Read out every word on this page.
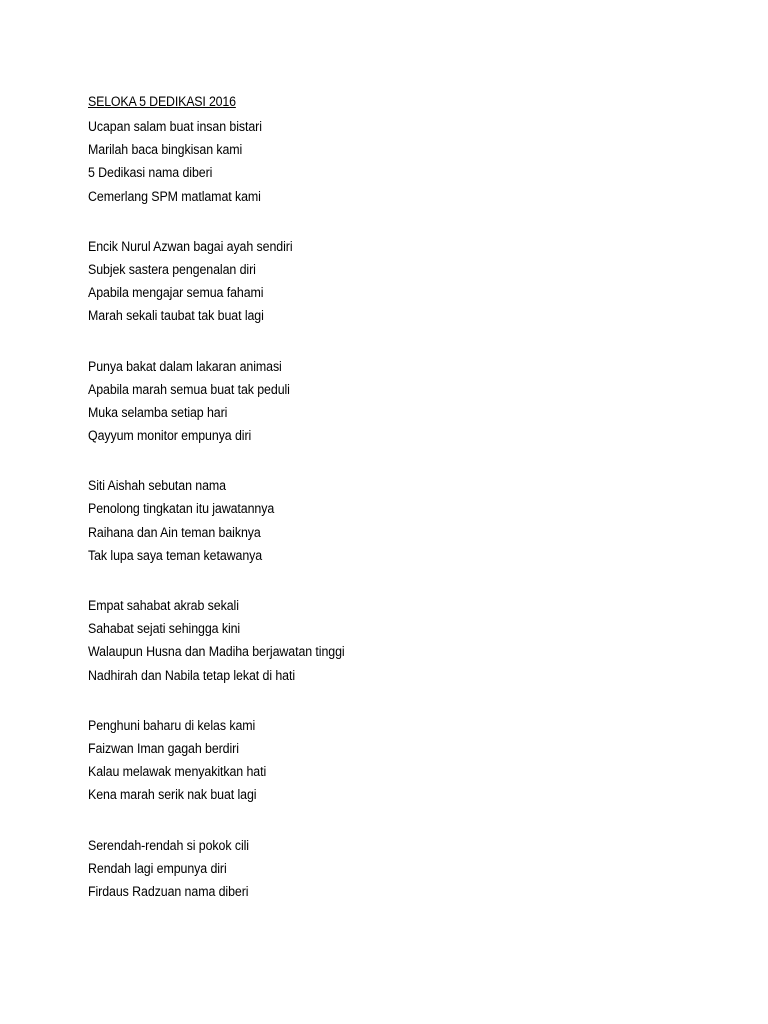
SELOKA 5 DEDIKASI 2016
Ucapan salam buat insan bistari
Marilah baca bingkisan kami
5 Dedikasi nama diberi
Cemerlang SPM matlamat kami
Encik Nurul Azwan bagai ayah sendiri
Subjek sastera pengenalan diri
Apabila mengajar semua fahami
Marah sekali taubat tak buat lagi
Punya bakat dalam lakaran animasi
Apabila marah semua buat tak peduli
Muka selamba setiap hari
Qayyum monitor empunya diri
Siti Aishah sebutan nama
Penolong tingkatan itu jawatannya
Raihana dan Ain teman baiknya
Tak lupa saya teman ketawanya
Empat sahabat akrab sekali
Sahabat sejati sehingga kini
Walaupun Husna dan Madiha berjawatan tinggi
Nadhirah dan Nabila tetap lekat di hati
Penghuni baharu di kelas kami
Faizwan Iman gagah berdiri
Kalau melawak menyakitkan hati
Kena marah serik nak buat lagi
Serendah-rendah si pokok cili
Rendah lagi empunya diri
Firdaus Radzuan nama diberi
